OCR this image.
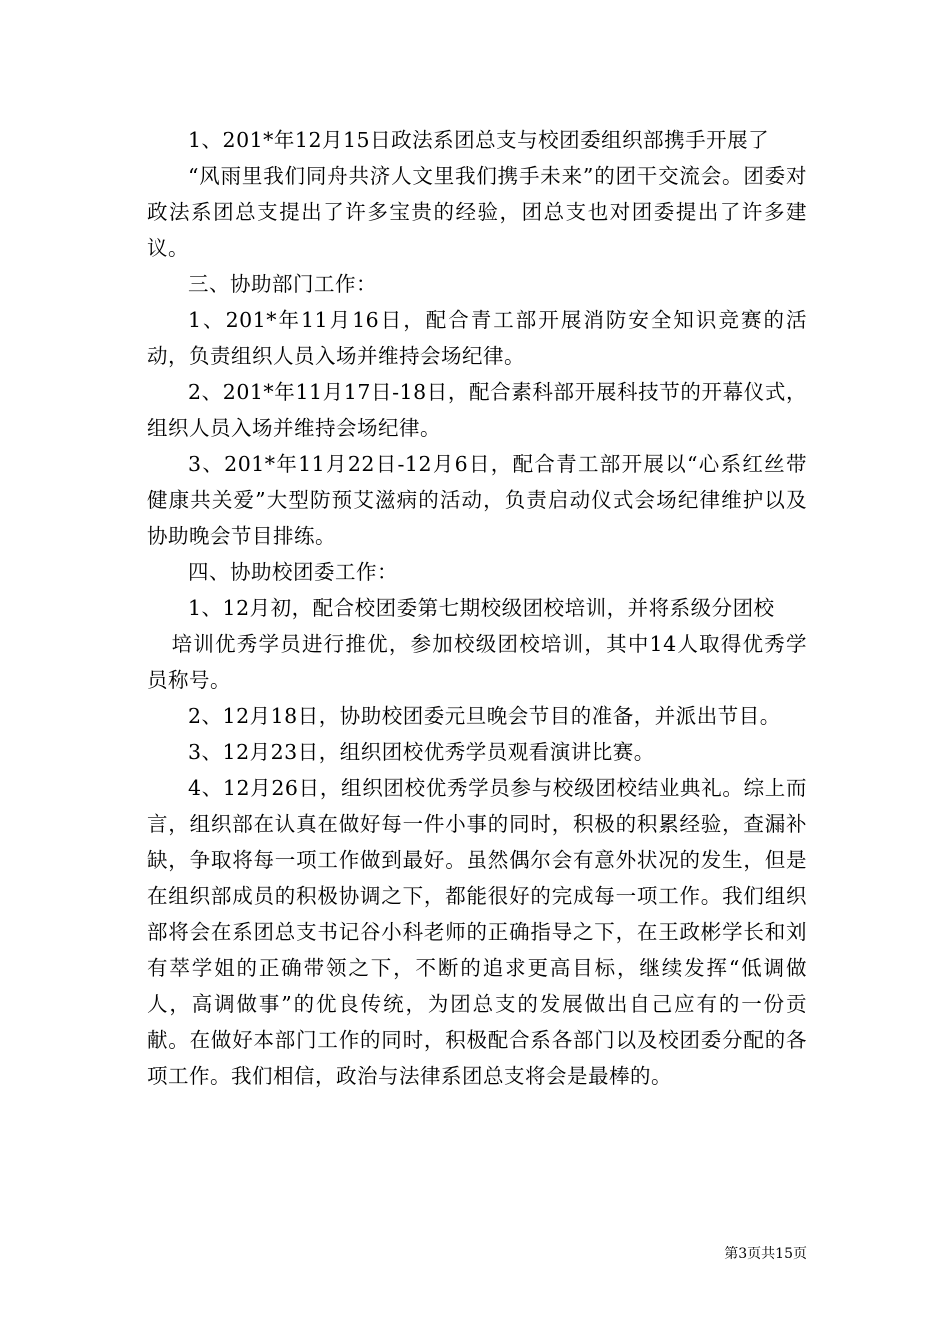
1、201*年12月15日政法系团总支与校团委组织部携手开展了

“风雨里我们同舟共济人文里我们携手未来”的团干交流会。团委对政法系团总支提出了许多宝贵的经验，团总支也对团委提出了许多建议。

三、协助部门工作：

1、201*年11月16日，配合青工部开展消防安全知识竞赛的活动，负责组织人员入场并维持会场纪律。

2、201*年11月17日-18日，配合素科部开展科技节的开幕仪式，组织人员入场并维持会场纪律。

3、201*年11月22日-12月6日，配合青工部开展以“心系红丝带健康共关爱”大型防预艾滋病的活动，负责启动仪式会场纪律维护以及协助晚会节目排练。

四、协助校团委工作：

1、12月初，配合校团委第七期校级团校培训，并将系级分团校

培训优秀学员进行推优，参加校级团校培训，其中14人取得优秀学员称号。

2、12月18日，协助校团委元旦晚会节目的准备，并派出节目。

3、12月23日，组织团校优秀学员观看演讲比赛。

4、12月26日，组织团校优秀学员参与校级团校结业典礼。综上而言，组织部在认真在做好每一件小事的同时，积极的积累经验，查漏补缺，争取将每一项工作做到最好。虽然偶尔会有意外状况的发生，但是在组织部成员的积极协调之下，都能很好的完成每一项工作。我们组织部将会在系团总支书记谷小科老师的正确指导之下，在王政彬学长和刘有萃学姐的正确带领之下，不断的追求更高目标，继续发挥“低调做人，高调做事”的优良传统，为团总支的发展做出自己应有的一份贡献。在做好本部门工作的同时，积极配合系各部门以及校团委分配的各项工作。我们相信，政治与法律系团总支将会是最棒的。

第3页共15页
